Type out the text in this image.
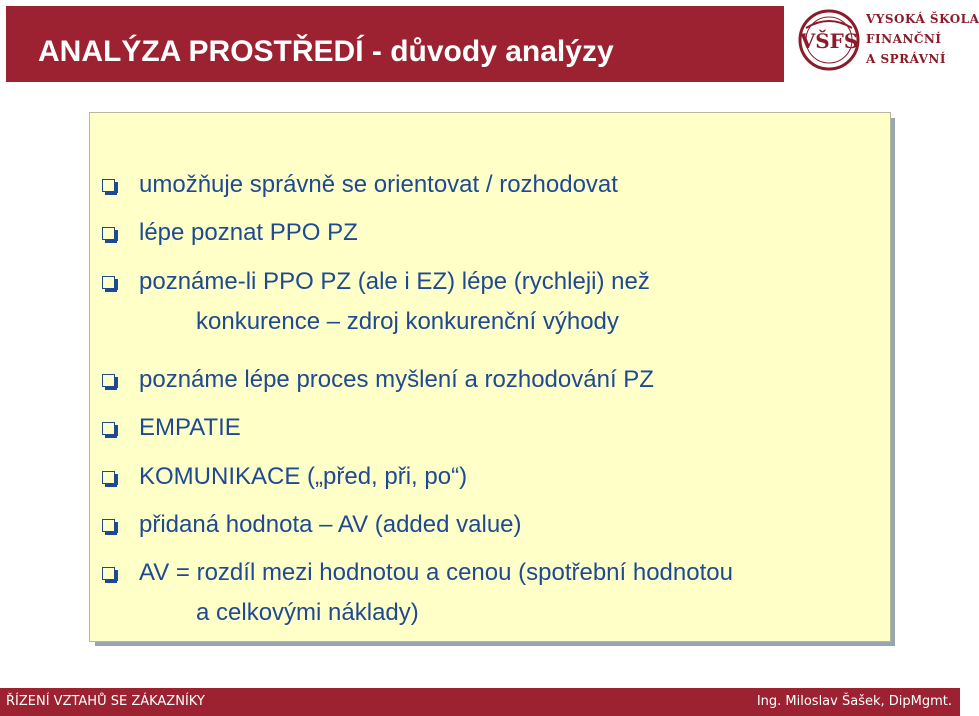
ANALÝZA PROSTŘEDÍ - důvody analýzy	VŠFS
VYSOKÁ ŠKOLA
FINANČNÍ
A SPRÁVNÍ
umožňuje správně se orientovat / rozhodovat
lépe poznat PPO PZ
poznáme-li PPO PZ (ale i EZ) lépe (rychleji) než
konkurence – zdroj konkurenční výhody
poznáme lépe proces myšlení a rozhodování PZ
EMPATIE
KOMUNIKACE („před, při, po“)
přidaná hodnota – AV (added value)
AV = rozdíl mezi hodnotou a cenou (spotřební hodnotou
a celkovými náklady)
ŘÍZENÍ VZTAHŮ SE ZÁKAZNÍKY	Ing. Miloslav Šašek, DipMgmt.
